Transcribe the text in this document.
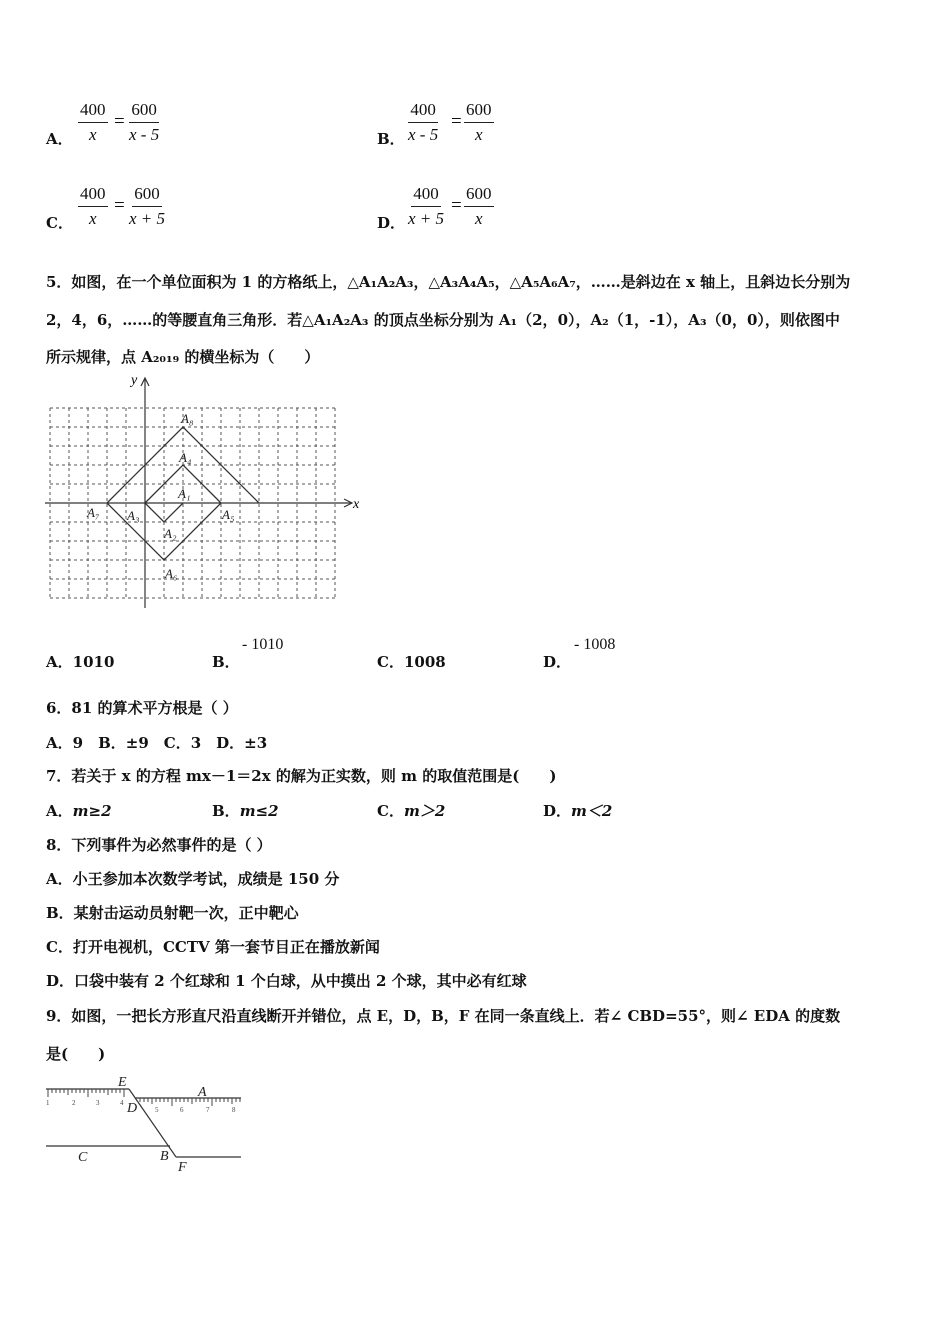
A． $\frac{400}{x} = \frac{600}{x - 5}$	B． $\frac{400}{x - 5} = \frac{600}{x}$
C． $\frac{400}{x} = \frac{600}{x + 5}$	D． $\frac{400}{x + 5} = \frac{600}{x}$
5．如图，在一个单位面积为 1 的方格纸上，△A₁A₂A₃，△A₃A₄A₅，△A₅A₆A₇，……是斜边在 x 轴上，且斜边长分别为
2，4，6，……的等腰直角三角形．若△A₁A₂A₃ 的顶点坐标分别为 A₁（2，0），A₂（1，-1），A₃（0，0），则依图中
所示规律，点 A₂₀₁₉ 的横坐标为（　　）
x
y
A₁
A₂
A₃
A₄
A₅
A₆
A₇
A₈
A．1010	B．
- 1010
C．1008	D．
- 1008
6．81 的算术平方根是（ ）
A．9　B．±9　C．3　D．±3
7．若关于 x 的方程 mx－1＝2x 的解为正实数，则 m 的取值范围是(　　)
A．m≥2	B．m≤2	C．m＞2	D．m＜2
8．下列事件为必然事件的是（ ）
A．小王参加本次数学考试，成绩是 150 分
B．某射击运动员射靶一次，正中靶心
C．打开电视机，CCTV 第一套节目正在播放新闻
D．口袋中装有 2 个红球和 1 个白球，从中摸出 2 个球，其中必有红球
9．如图，一把长方形直尺沿直线断开并错位，点 E，D，B，F 在同一条直线上．若∠ CBD=55°，则∠ EDA 的度数
是(　　)
1	2	3	4
5	6	7	8
E
A
D
C	B
F
